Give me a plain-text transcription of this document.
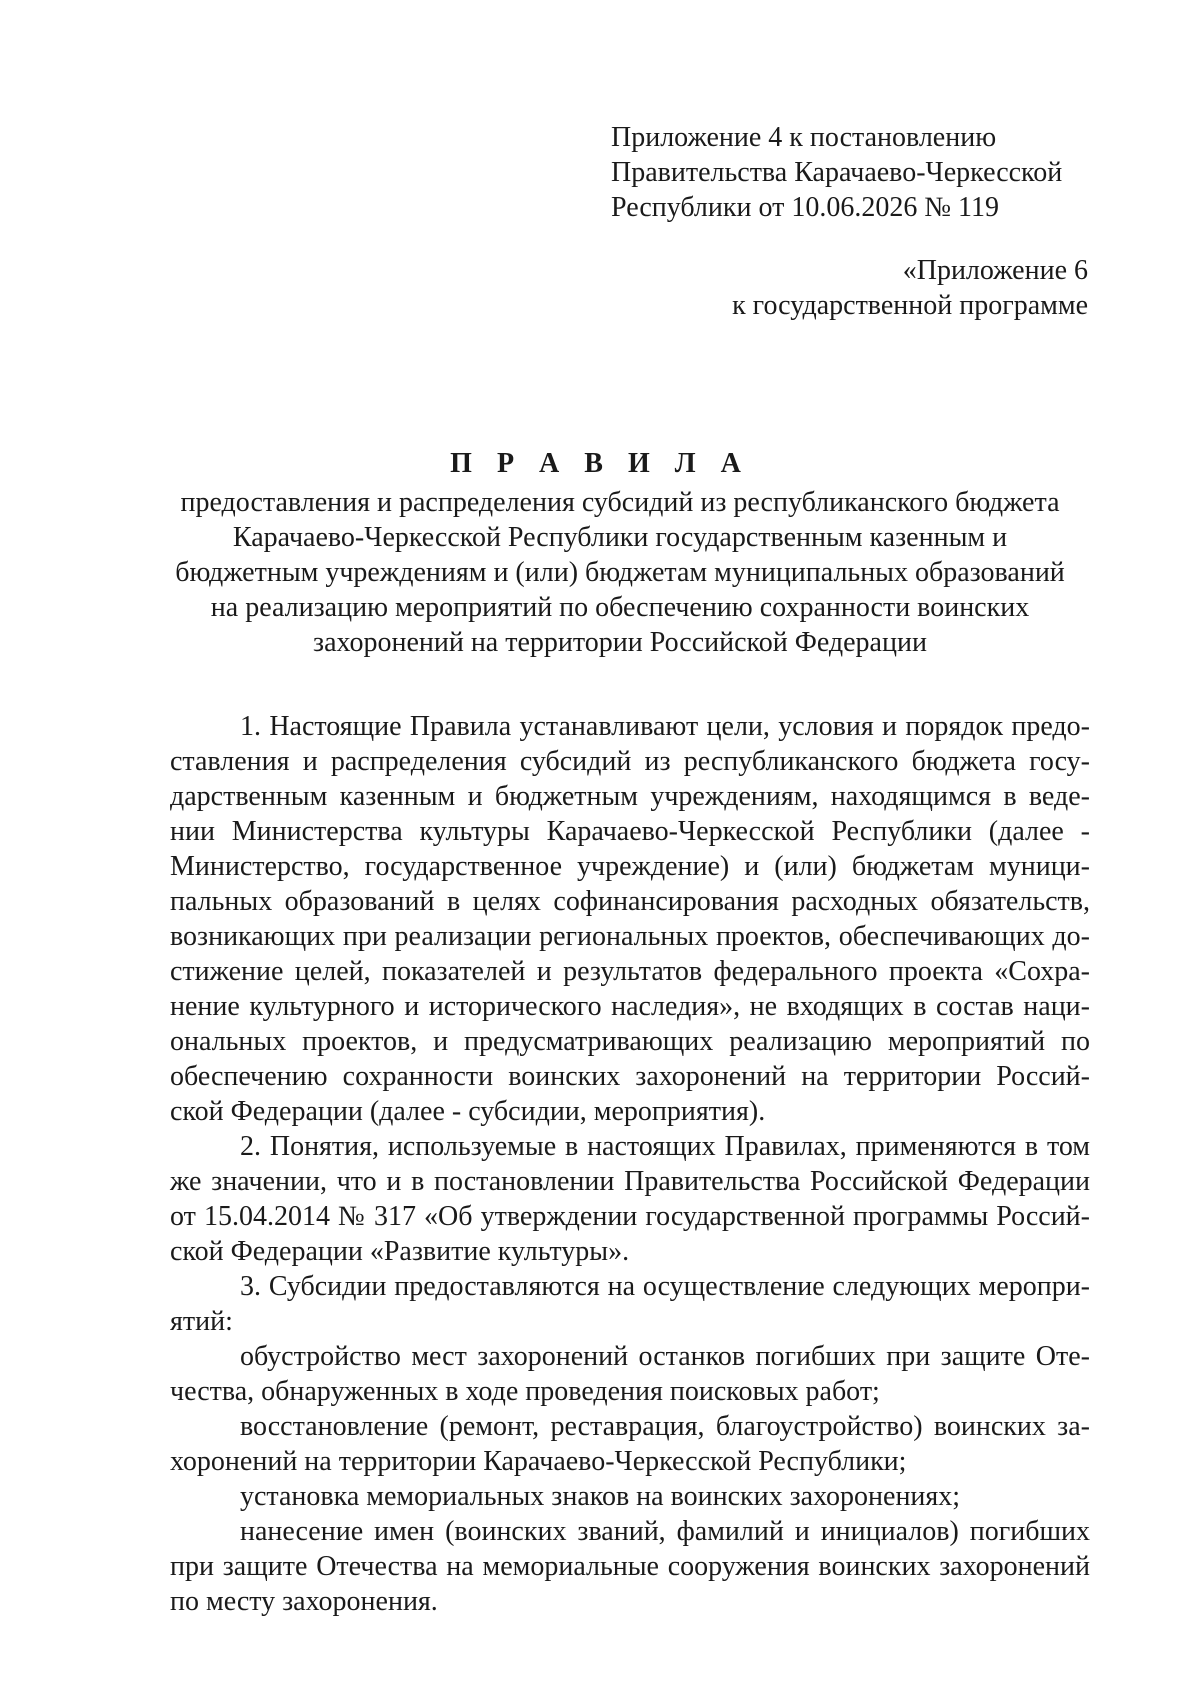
Приложение 4 к постановлению
Правительства Карачаево-Черкесской
Республики от 10.06.2026 № 119
«Приложение 6
к государственной программе
П Р А В И Л А
предоставления и распределения субсидий из республиканского бюджета
Карачаево-Черкесской Республики государственным казенным и
бюджетным учреждениям и (или) бюджетам муниципальных образований
на реализацию мероприятий по обеспечению сохранности воинских
захоронений на территории Российской Федерации
1. Настоящие Правила устанавливают цели, условия и порядок предо-
ставления и распределения субсидий из республиканского бюджета госу-
дарственным казенным и бюджетным учреждениям, находящимся в веде-
нии Министерства культуры Карачаево-Черкесской Республики (далее -
Министерство, государственное учреждение) и (или) бюджетам муници-
пальных образований в целях софинансирования расходных обязательств,
возникающих при реализации региональных проектов, обеспечивающих до-
стижение целей, показателей и результатов федерального проекта «Сохра-
нение культурного и исторического наследия», не входящих в состав наци-
ональных проектов, и предусматривающих реализацию мероприятий по
обеспечению сохранности воинских захоронений на территории Россий-
ской Федерации (далее - субсидии, мероприятия).
2. Понятия, используемые в настоящих Правилах, применяются в том
же значении, что и в постановлении Правительства Российской Федерации
от 15.04.2014 № 317 «Об утверждении государственной программы Россий-
ской Федерации «Развитие культуры».
3. Субсидии предоставляются на осуществление следующих меропри-
ятий:
обустройство мест захоронений останков погибших при защите Оте-
чества, обнаруженных в ходе проведения поисковых работ;
восстановление (ремонт, реставрация, благоустройство) воинских за-
хоронений на территории Карачаево-Черкесской Республики;
установка мемориальных знаков на воинских захоронениях;
нанесение имен (воинских званий, фамилий и инициалов) погибших
при защите Отечества на мемориальные сооружения воинских захоронений
по месту захоронения.
